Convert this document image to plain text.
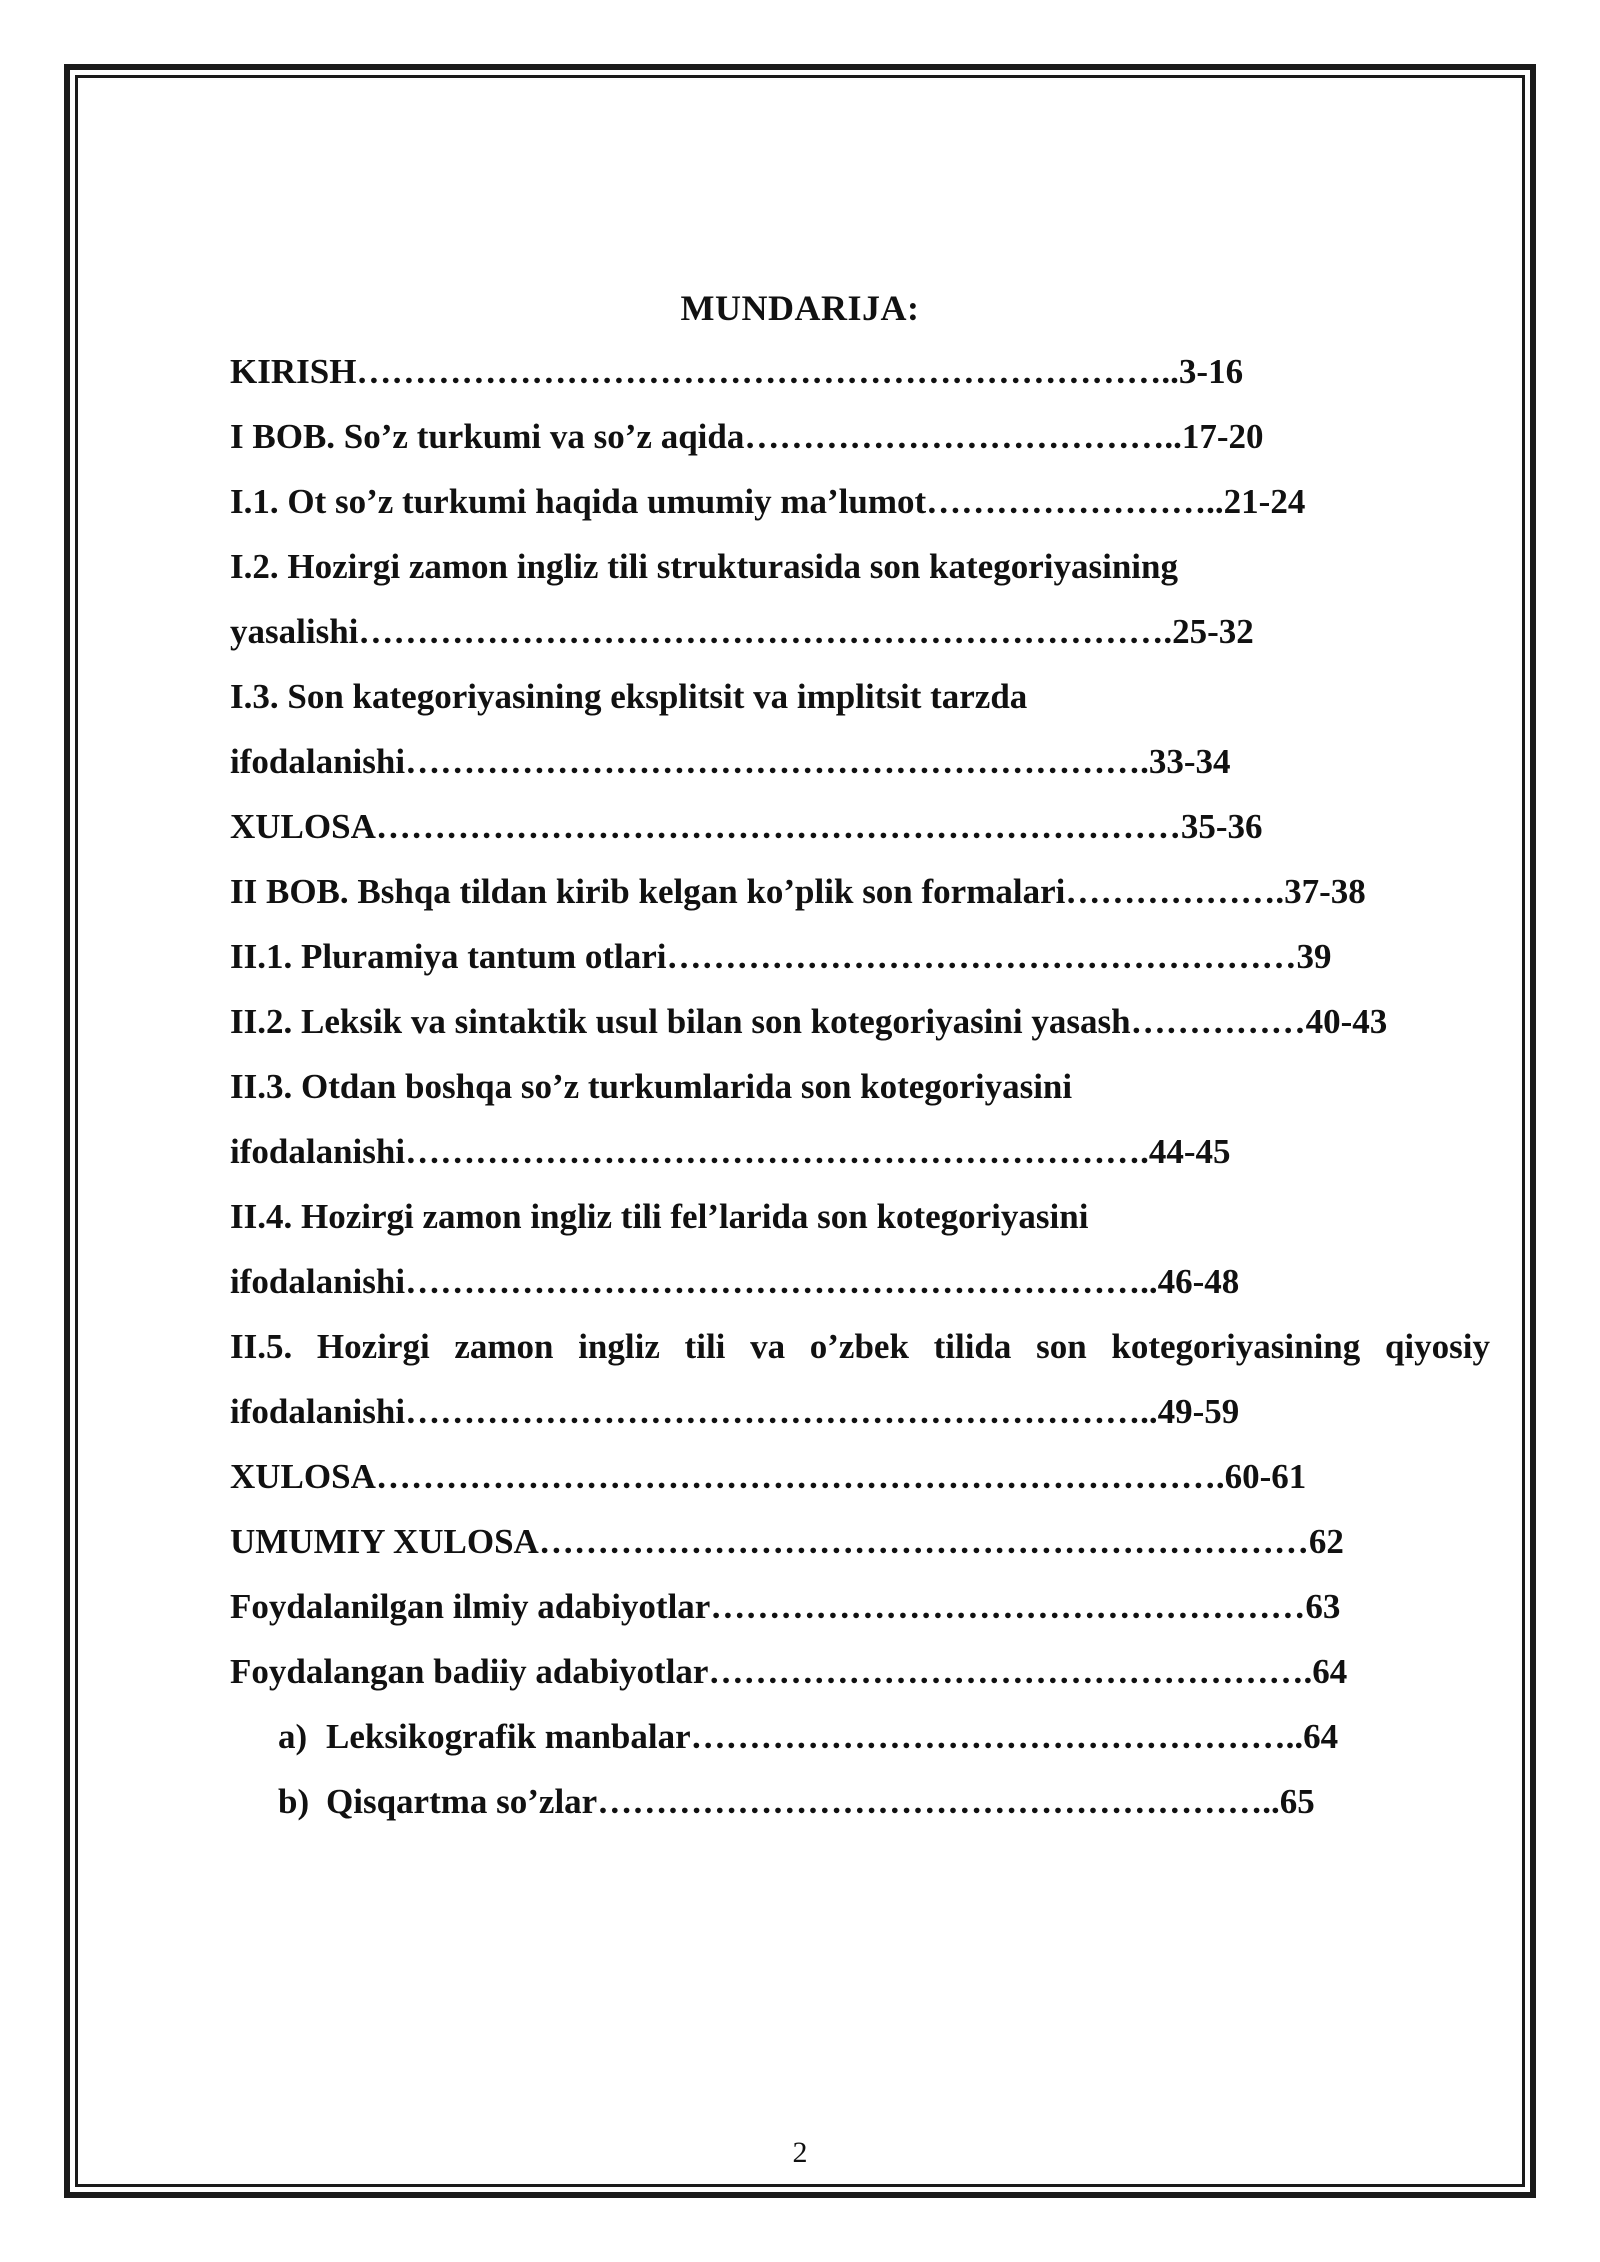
MUNDARIJA:
KIRISH……………………………………………………………..3-16
I BOB. So’z turkumi va so’z aqida………………………………..17-20
I.1. Ot so’z turkumi haqida umumiy ma’lumot……………………..21-24
I.2. Hozirgi zamon ingliz tili strukturasida son kategoriyasining
yasalishi…………………………………………………………….25-32
I.3. Son kategoriyasining eksplitsit va implitsit tarzda
ifodalanishi……………………………………………………….33-34
XULOSA……………………………………………………………35-36
II BOB. Bshqa tildan kirib kelgan ko’plik son formalari……………….37-38
II.1. Pluramiya tantum otlari………………………………………………39
II.2. Leksik va sintaktik usul bilan son kotegoriyasini yasash……………40-43
II.3. Otdan boshqa so’z turkumlarida son kotegoriyasini
ifodalanishi……………………………………………………….44-45
II.4. Hozirgi zamon ingliz tili fel’larida son kotegoriyasini
ifodalanishi………………………………………………………..46-48
II.5. Hozirgi zamon ingliz tili va o’zbek tilida son kotegoriyasining qiyosiy
ifodalanishi………………………………………………………..49-59
XULOSA……………………………………………………………….60-61
UMUMIY XULOSA…………………………………………………………62
Foydalanilgan ilmiy adabiyotlar……………………………………………63
Foydalangan badiiy adabiyotlar…………………………………………….64
a) Leksikografik manbalar……………………………………………..64
b) Qisqartma so’zlar…………………………………………………..65
2
